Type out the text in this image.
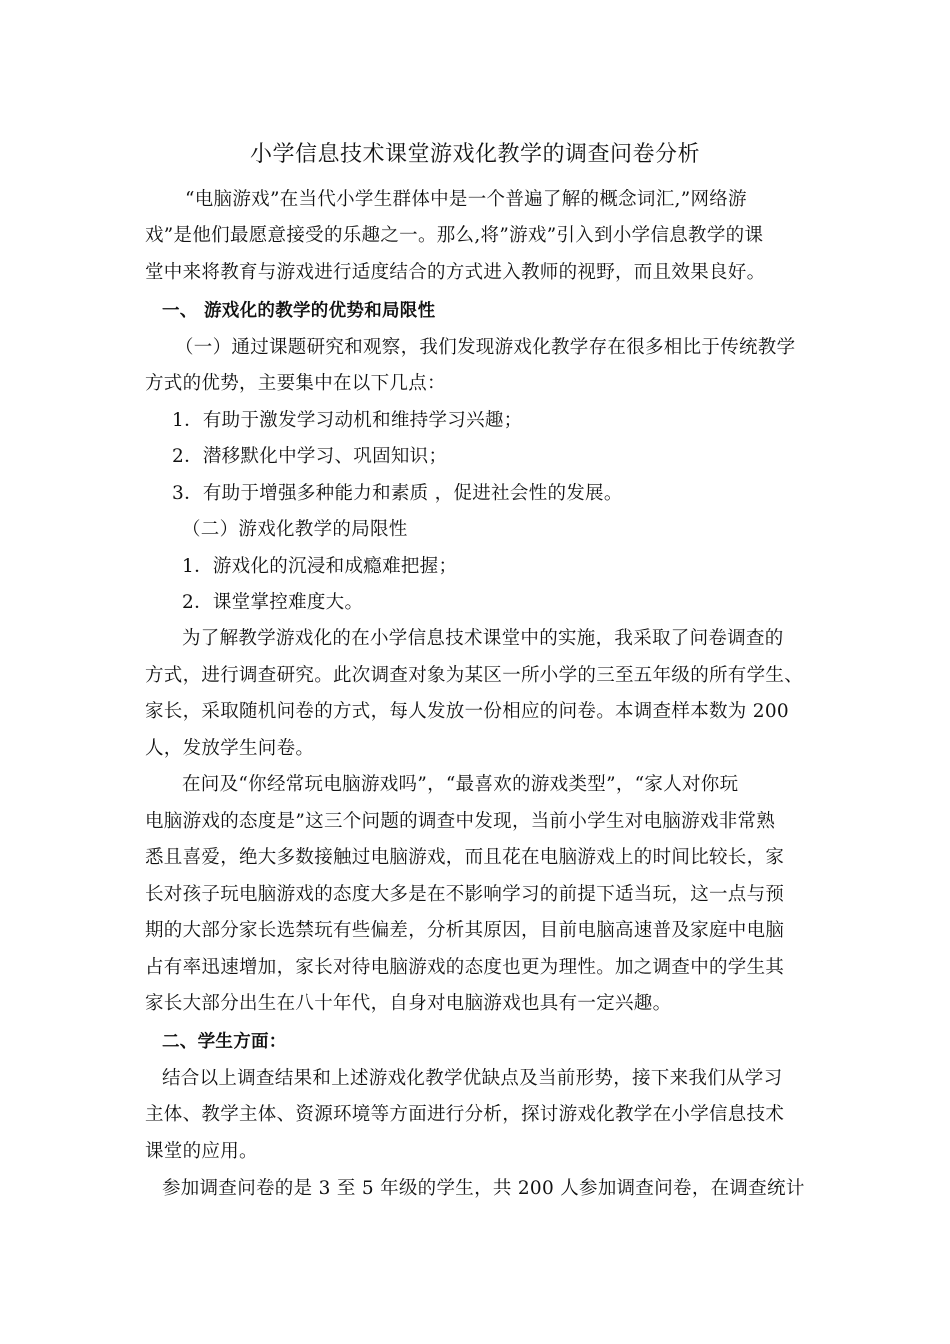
小学信息技术课堂游戏化教学的调查问卷分析
“电脑游戏”在当代小学生群体中是一个普遍了解的概念词汇,”网络游
戏”是他们最愿意接受的乐趣之一。那么,将”游戏”引入到小学信息教学的课
堂中来将教育与游戏进行适度结合的方式进入教师的视野，而且效果良好。
一、 游戏化的教学的优势和局限性
（一）通过课题研究和观察，我们发现游戏化教学存在很多相比于传统教学
方式的优势，主要集中在以下几点：
1．有助于激发学习动机和维持学习兴趣；
2．潜移默化中学习、巩固知识；
3．有助于增强多种能力和素质 ，促进社会性的发展。
（二）游戏化教学的局限性
1．游戏化的沉浸和成瘾难把握；
2．课堂掌控难度大。
为了解教学游戏化的在小学信息技术课堂中的实施，我采取了问卷调查的
方式，进行调查研究。此次调查对象为某区一所小学的三至五年级的所有学生、
家长，采取随机问卷的方式，每人发放一份相应的问卷。本调查样本数为 200
人，发放学生问卷。
在问及“你经常玩电脑游戏吗”，“最喜欢的游戏类型”，“家人对你玩
电脑游戏的态度是”这三个问题的调查中发现，当前小学生对电脑游戏非常熟
悉且喜爱，绝大多数接触过电脑游戏，而且花在电脑游戏上的时间比较长，家
长对孩子玩电脑游戏的态度大多是在不影响学习的前提下适当玩，这一点与预
期的大部分家长选禁玩有些偏差，分析其原因，目前电脑高速普及家庭中电脑
占有率迅速增加，家长对待电脑游戏的态度也更为理性。加之调查中的学生其
家长大部分出生在八十年代，自身对电脑游戏也具有一定兴趣。
二、学生方面：
结合以上调查结果和上述游戏化教学优缺点及当前形势，接下来我们从学习
主体、教学主体、资源环境等方面进行分析，探讨游戏化教学在小学信息技术
课堂的应用。
参加调查问卷的是 3 至 5 年级的学生，共 200 人参加调查问卷，在调查统计
